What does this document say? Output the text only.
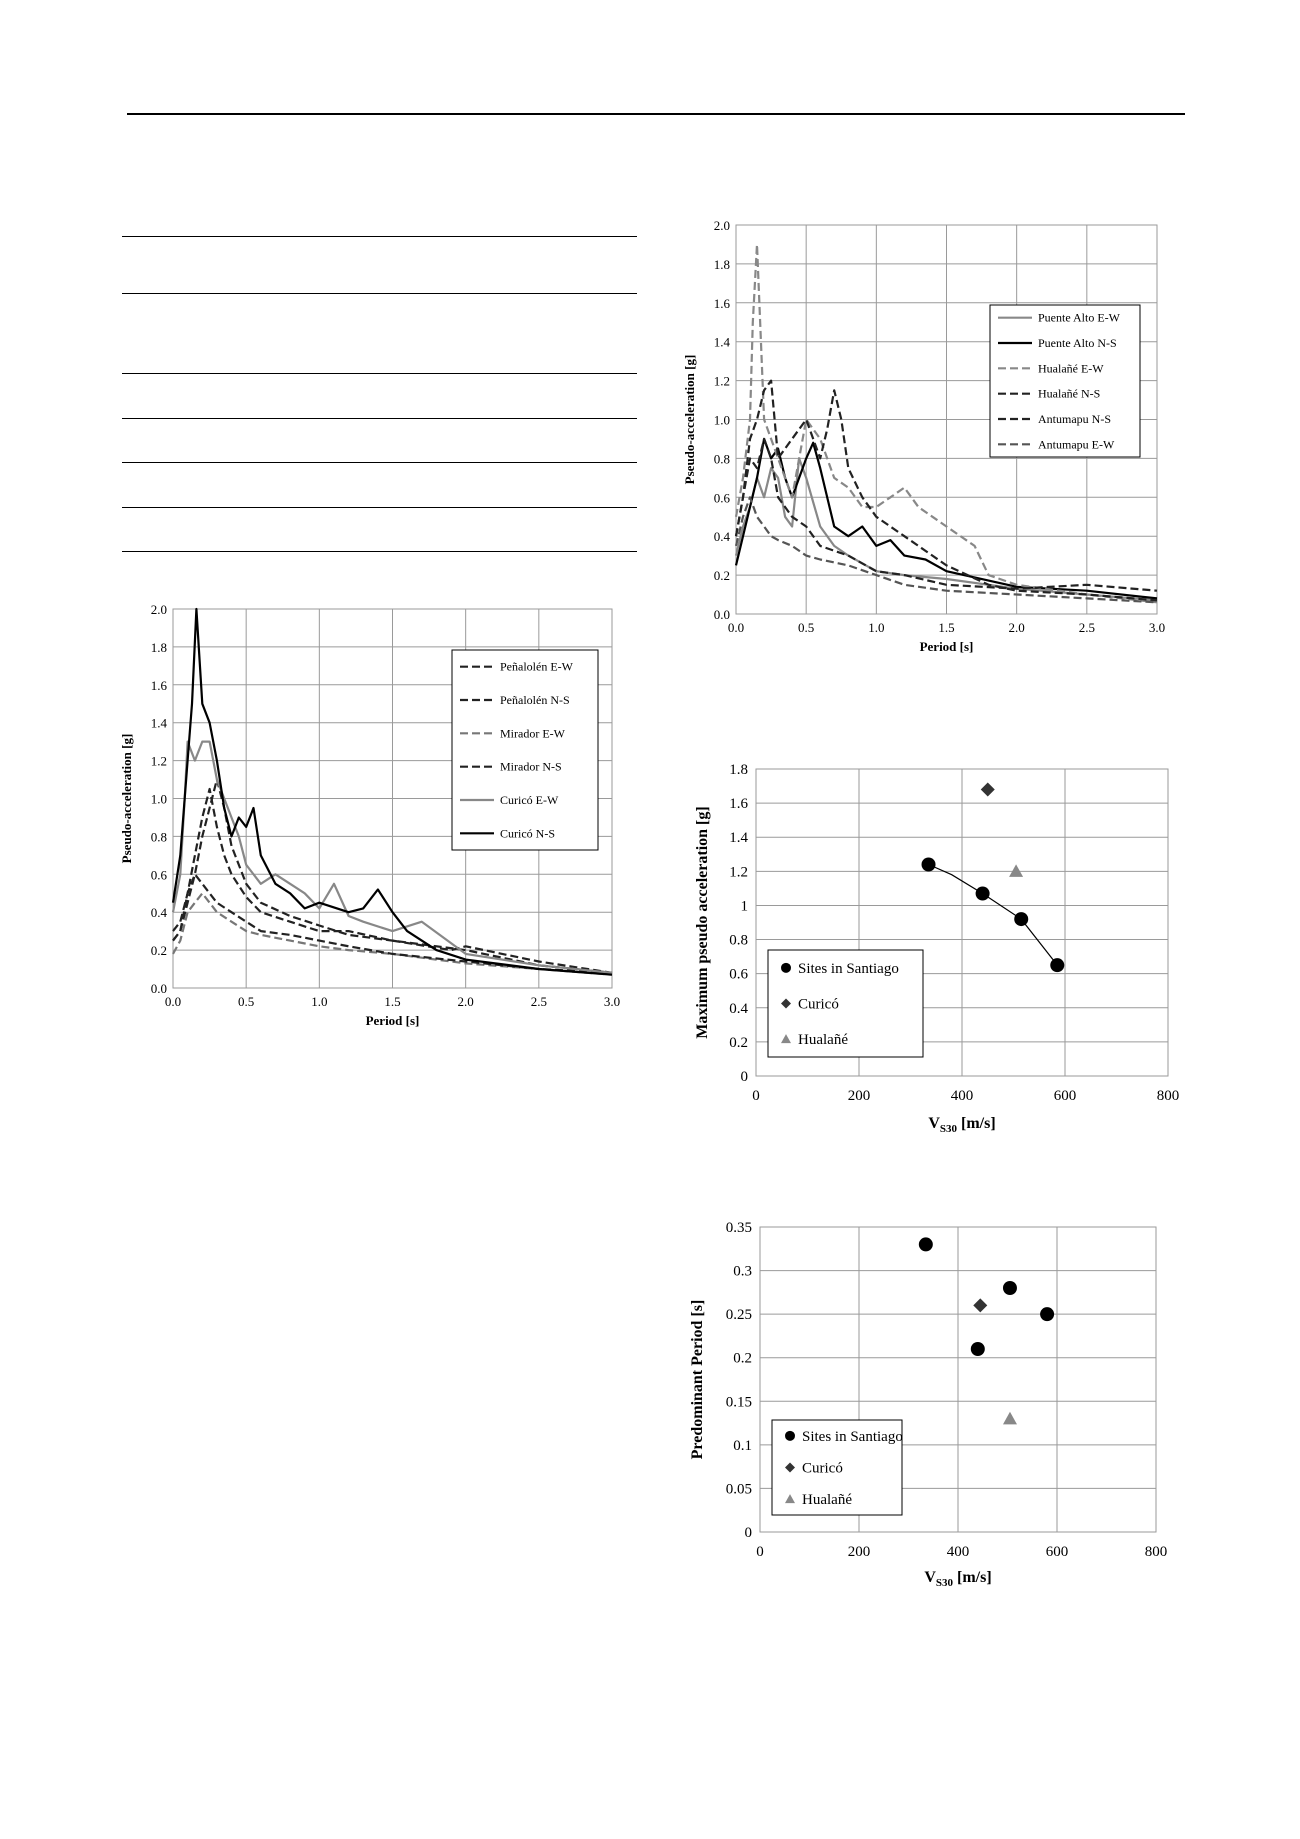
0.0	0.5	1.0	1.5	2.0	2.5	3.0
0.0
0.2
0.4
0.6
0.8
1.0
1.2
1.4
1.6
1.8
2.0
Pseudo-acceleration [g]
Period [s]
Peñalolén E-W
Peñalolén N-S
Mirador E-W
Mirador N-S
Curicó E-W
Curicó N-S
0.0	0.5	1.0	1.5	2.0	2.5	3.0
0.0
0.2
0.4
0.6
0.8
1.0
1.2
1.4
1.6
1.8
2.0
Pseudo-acceleration [g]
Period [s]
Puente Alto E-W
Puente Alto N-S
Hualañé E-W
Hualañé N-S
Antumapu N-S
Antumapu E-W
0	200	400	600	800
0
0.2
0.4
0.6
0.8
1
1.2
1.4
1.6
1.8
Maximum pseudo acceleration [g]
$V_{S30}$ [m/s]
Sites in Santiago
Curicó
Hualañé
0	200	400	600	800
0
0.05
0.1
0.15
0.2
0.25
0.3
0.35
Predominant Period [s]
$V_{S30}$ [m/s]
Sites in Santiago
Curicó
Hualañé
